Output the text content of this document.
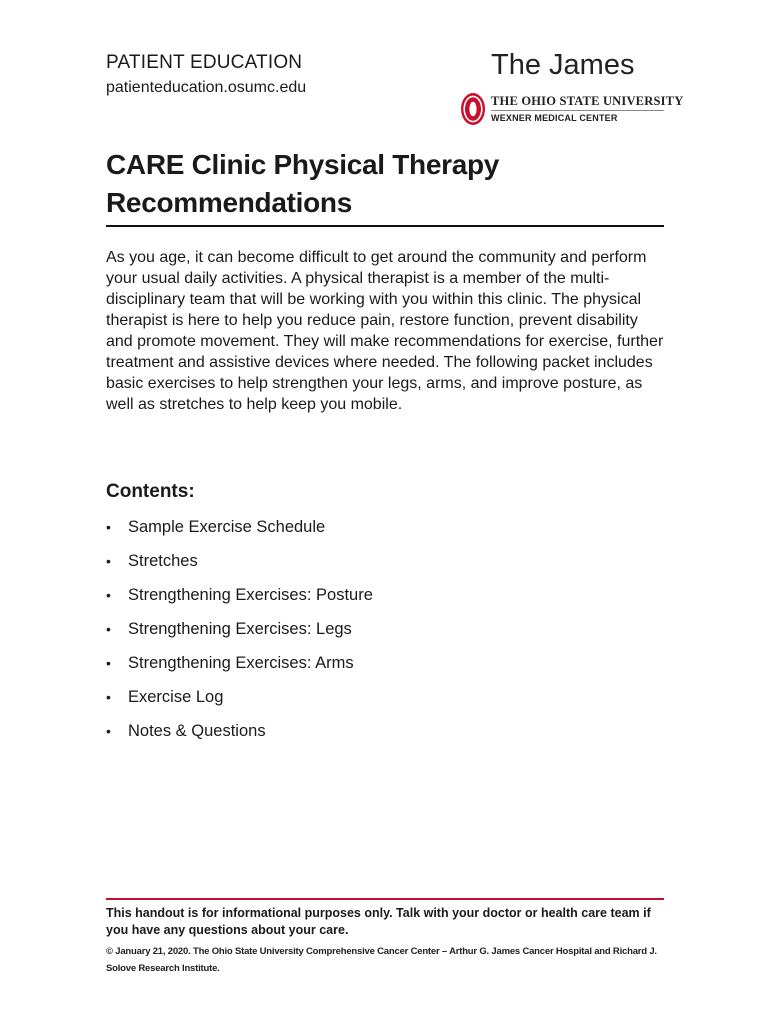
PATIENT EDUCATION
patienteducation.osumc.edu
The James
THE OHIO STATE UNIVERSITY
WEXNER MEDICAL CENTER
CARE Clinic Physical Therapy Recommendations

As you age, it can become difficult to get around the community and perform your usual daily activities. A physical therapist is a member of the multi-disciplinary team that will be working with you within this clinic. The physical therapist is here to help you reduce pain, restore function, prevent disability and promote movement. They will make recommendations for exercise, further treatment and assistive devices where needed. The following packet includes basic exercises to help strengthen your legs, arms, and improve posture, as well as stretches to help keep you mobile.

Contents:
• Sample Exercise Schedule
• Stretches
• Strengthening Exercises: Posture
• Strengthening Exercises: Legs
• Strengthening Exercises: Arms
• Exercise Log
• Notes & Questions

This handout is for informational purposes only. Talk with your doctor or health care team if you have any questions about your care.

© January 21, 2020. The Ohio State University Comprehensive Cancer Center – Arthur G. James Cancer Hospital and Richard J. Solove Research Institute.
